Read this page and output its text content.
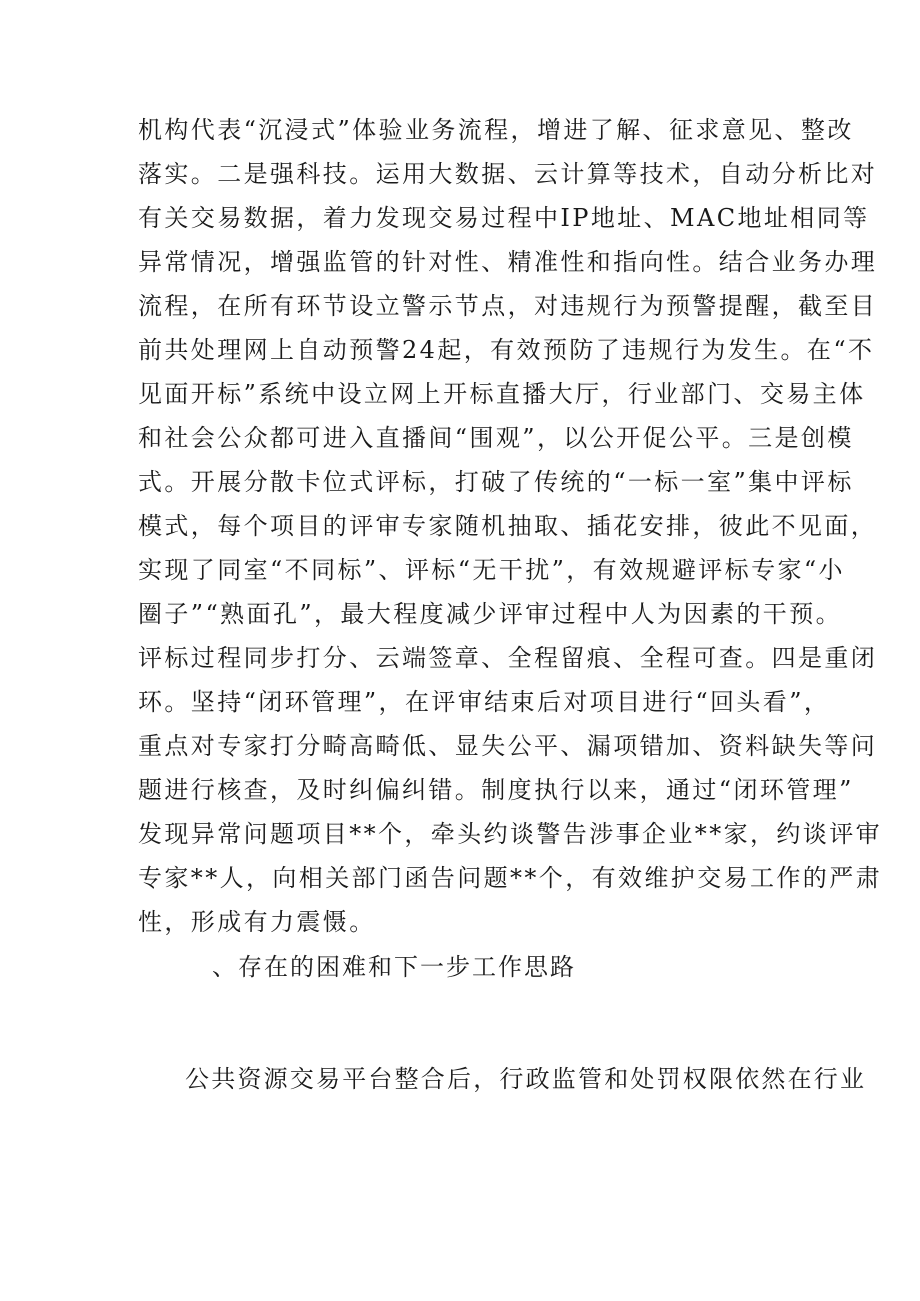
机构代表“沉浸式”体验业务流程，增进了解、征求意见、整改
落实。二是强科技。运用大数据、云计算等技术，自动分析比对
有关交易数据，着力发现交易过程中IP地址、MAC地址相同等
异常情况，增强监管的针对性、精准性和指向性。结合业务办理
流程，在所有环节设立警示节点，对违规行为预警提醒，截至目
前共处理网上自动预警24起，有效预防了违规行为发生。在“不
见面开标”系统中设立网上开标直播大厅，行业部门、交易主体
和社会公众都可进入直播间“围观”，以公开促公平。三是创模
式。开展分散卡位式评标，打破了传统的“一标一室”集中评标
模式，每个项目的评审专家随机抽取、插花安排，彼此不见面，
实现了同室“不同标”、评标“无干扰”，有效规避评标专家“小
圈子”“熟面孔”，最大程度减少评审过程中人为因素的干预。
评标过程同步打分、云端签章、全程留痕、全程可查。四是重闭
环。坚持“闭环管理”，在评审结束后对项目进行“回头看”，
重点对专家打分畸高畸低、显失公平、漏项错加、资料缺失等问
题进行核查，及时纠偏纠错。制度执行以来，通过“闭环管理”
发现异常问题项目**个，牵头约谈警告涉事企业**家，约谈评审
专家**人，向相关部门函告问题**个，有效维护交易工作的严肃
性，形成有力震慑。
、存在的困难和下一步工作思路
公共资源交易平台整合后，行政监管和处罚权限依然在行业
